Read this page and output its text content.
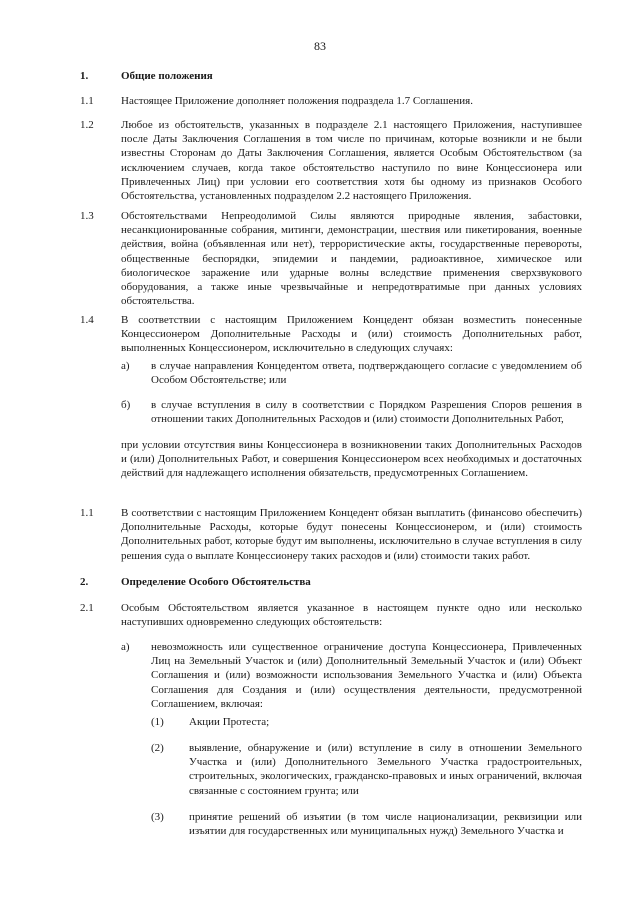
83
1.	Общие положения
1.1 Настоящее Приложение дополняет положения подраздела 1.7 Соглашения.
1.2 Любое из обстоятельств, указанных в подразделе 2.1 настоящего Приложения, наступившее после Даты Заключения Соглашения в том числе по причинам, которые возникли и не были известны Сторонам до Даты Заключения Соглашения, является Особым Обстоятельством (за исключением случаев, когда такое обстоятельство наступило по вине Концессионера или Привлеченных Лиц) при условии его соответствия хотя бы одному из признаков Особого Обстоятельства, установленных подразделом 2.2 настоящего Приложения.
1.3 Обстоятельствами Непреодолимой Силы являются природные явления, забастовки, несанкционированные собрания, митинги, демонстрации, шествия или пикетирования, военные действия, война (объявленная или нет), террористические акты, государственные перевороты, общественные беспорядки, эпидемии и пандемии, радиоактивное, химическое или биологическое заражение или ударные волны вследствие применения сверхзвукового оборудования, а также иные чрезвычайные и непредотвратимые при данных условиях обстоятельства.
1.4 В соответствии с настоящим Приложением Концедент обязан возместить понесенные Концессионером Дополнительные Расходы и (или) стоимость Дополнительных работ, выполненных Концессионером, исключительно в следующих случаях:
а) в случае направления Концедентом ответа, подтверждающего согласие с уведомлением об Особом Обстоятельстве; или
б) в случае вступления в силу в соответствии с Порядком Разрешения Споров решения в отношении таких Дополнительных Расходов и (или) стоимости Дополнительных Работ,
при условии отсутствия вины Концессионера в возникновении таких Дополнительных Расходов и (или) Дополнительных Работ, и совершения Концессионером всех необходимых и достаточных действий для надлежащего исполнения обязательств, предусмотренных Соглашением.
1.1 В соответствии с настоящим Приложением Концедент обязан выплатить (финансово обеспечить) Дополнительные Расходы, которые будут понесены Концессионером, и (или) стоимость Дополнительных работ, которые будут им выполнены, исключительно в случае вступления в силу решения суда о выплате Концессионеру таких расходов и (или) стоимости таких работ.
2.	Определение Особого Обстоятельства
2.1 Особым Обстоятельством является указанное в настоящем пункте одно или несколько наступивших одновременно следующих обстоятельств:
а) невозможность или существенное ограничение доступа Концессионера, Привлеченных Лиц на Земельный Участок и (или) Дополнительный Земельный Участок и (или) Объект Соглашения и (или) возможности использования Земельного Участка и (или) Объекта Соглашения для Создания и (или) осуществления деятельности, предусмотренной Соглашением, включая:
(1) Акции Протеста;
(2) выявление, обнаружение и (или) вступление в силу в отношении Земельного Участка и (или) Дополнительного Земельного Участка градостроительных, строительных, экологических, гражданско-правовых и иных ограничений, включая связанные с состоянием грунта; или
(3) принятие решений об изъятии (в том числе национализации, реквизиции или изъятии для государственных или муниципальных нужд) Земельного Участка и
